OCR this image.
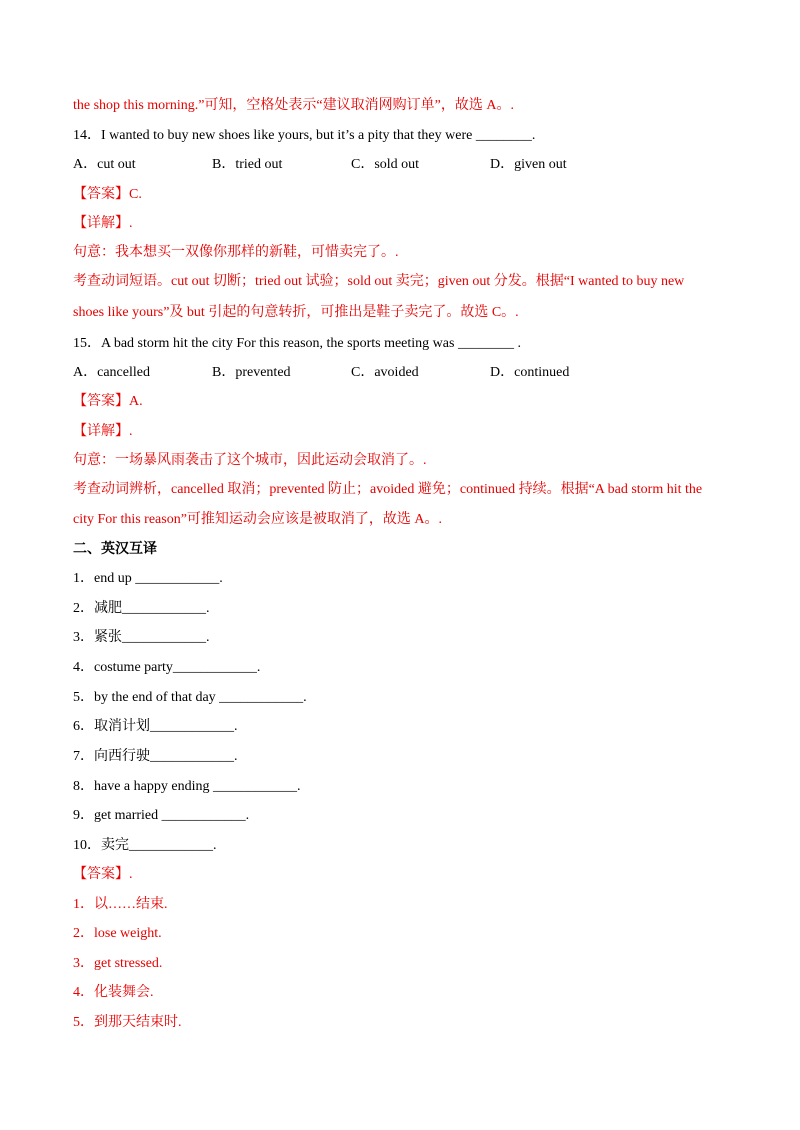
the shop this morning.”可知，空格处表示“建议取消网购订单”，故选 A。.
14．I wanted to buy new shoes like yours, but it’s a pity that they were ________.
A．cut out	B．tried out	C．sold out	D．given out
【答案】C.
【详解】.
句意：我本想买一双像你那样的新鞋，可惜卖完了。.
考查动词短语。cut out 切断；tried out 试验；sold out 卖完；given out 分发。根据“I wanted to buy new
shoes like yours”及 but 引起的句意转折，可推出是鞋子卖完了。故选 C。.
15．A bad storm hit the city For this reason, the sports meeting was ________ .
A．cancelled	B．prevented	C．avoided	D．continued
【答案】A.
【详解】.
句意：一场暴风雨袭击了这个城市，因此运动会取消了。.
考查动词辨析，cancelled 取消；prevented 防止；avoided 避免；continued 持续。根据“A bad storm hit the
city For this reason”可推知运动会应该是被取消了，故选 A。.
二、英汉互译
1．end up ____________.
2．减肥____________.
3．紧张____________.
4．costume party____________.
5．by the end of that day ____________.
6．取消计划____________.
7．向西行驶____________.
8．have a happy ending ____________.
9．get married ____________.
10．卖完____________.
【答案】.
1．以……结束.
2．lose weight.
3．get stressed.
4．化装舞会.
5．到那天结束时.
